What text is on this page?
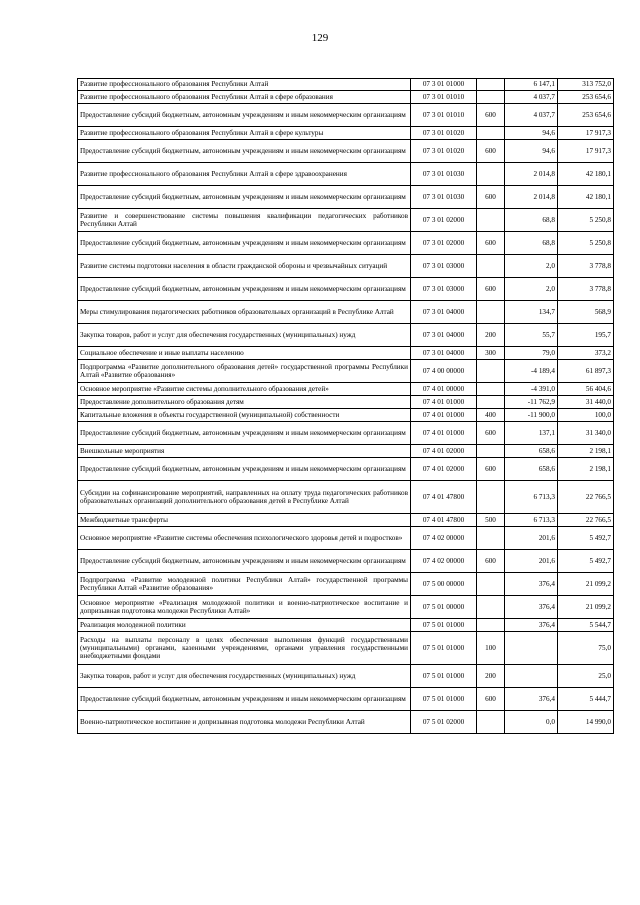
129
Развитие профессионального образования Республики Алтай	07 3 01 01000		6 147,1	313 752,0
Развитие профессионального образования Республики Алтай в сфере образования	07 3 01 01010		4 037,7	253 654,6
Предоставление субсидий бюджетным, автономным учреждениям и иным некоммерческим организациям	07 3 01 01010	600	4 037,7	253 654,6
Развитие профессионального образования Республики Алтай в сфере культуры	07 3 01 01020		94,6	17 917,3
Предоставление субсидий бюджетным, автономным учреждениям и иным некоммерческим организациям	07 3 01 01020	600	94,6	17 917,3
Развитие профессионального образования Республики Алтай в сфере здравоохранения	07 3 01 01030		2 014,8	42 180,1
Предоставление субсидий бюджетным, автономным учреждениям и иным некоммерческим организациям	07 3 01 01030	600	2 014,8	42 180,1
Развитие и совершенствование системы повышения квалификации педагогических работников Республики Алтай	07 3 01 02000		68,8	5 250,8
Предоставление субсидий бюджетным, автономным учреждениям и иным некоммерческим организациям	07 3 01 02000	600	68,8	5 250,8
Развитие системы подготовки населения в области гражданской обороны и чрезвычайных ситуаций	07 3 01 03000		2,0	3 778,8
Предоставление субсидий бюджетным, автономным учреждениям и иным некоммерческим организациям	07 3 01 03000	600	2,0	3 778,8
Меры стимулирования педагогических работников образовательных организаций в Республике Алтай	07 3 01 04000		134,7	568,9
Закупка товаров, работ и услуг для обеспечения государственных (муниципальных) нужд	07 3 01 04000	200	55,7	195,7
Социальное обеспечение и иные выплаты населению	07 3 01 04000	300	79,0	373,2
Подпрограмма «Развитие дополнительного образования детей» государственной программы Республики Алтай «Развитие образования»	07 4 00 00000		-4 189,4	61 897,3
Основное мероприятие «Развитие системы дополнительного образования детей»	07 4 01 00000		-4 391,0	56 404,6
Предоставление дополнительного образования детям	07 4 01 01000		-11 762,9	31 440,0
Капитальные вложения в объекты государственной (муниципальной) собственности	07 4 01 01000	400	-11 900,0	100,0
Предоставление субсидий бюджетным, автономным учреждениям и иным некоммерческим организациям	07 4 01 01000	600	137,1	31 340,0
Внешкольные мероприятия	07 4 01 02000		658,6	2 198,1
Предоставление субсидий бюджетным, автономным учреждениям и иным некоммерческим организациям	07 4 01 02000	600	658,6	2 198,1
Субсидии на софинансирование мероприятий, направленных на оплату труда педагогических работников образовательных организаций дополнительного образования детей в Республике Алтай	07 4 01 47800		6 713,3	22 766,5
Межбюджетные трансферты	07 4 01 47800	500	6 713,3	22 766,5
Основное мероприятие «Развитие системы обеспечения психологического здоровья детей и подростков»	07 4 02 00000		201,6	5 492,7
Предоставление субсидий бюджетным, автономным учреждениям и иным некоммерческим организациям	07 4 02 00000	600	201,6	5 492,7
Подпрограмма «Развитие молодежной политики Республики Алтай» государственной программы Республики Алтай «Развитие образования»	07 5 00 00000		376,4	21 099,2
Основное мероприятие «Реализация молодежной политики и военно-патриотическое воспитание и допризывная подготовка молодежи Республики Алтай»	07 5 01 00000		376,4	21 099,2
Реализация молодежной политики	07 5 01 01000		376,4	5 544,7
Расходы на выплаты персоналу в целях обеспечения выполнения функций государственными (муниципальными) органами, казенными учреждениями, органами управления государственными внебюджетными фондами	07 5 01 01000	100		75,0
Закупка товаров, работ и услуг для обеспечения государственных (муниципальных) нужд	07 5 01 01000	200		25,0
Предоставление субсидий бюджетным, автономным учреждениям и иным некоммерческим организациям	07 5 01 01000	600	376,4	5 444,7
Военно-патриотическое воспитание и допризывная подготовка молодежи Республики Алтай	07 5 01 02000		0,0	14 990,0
